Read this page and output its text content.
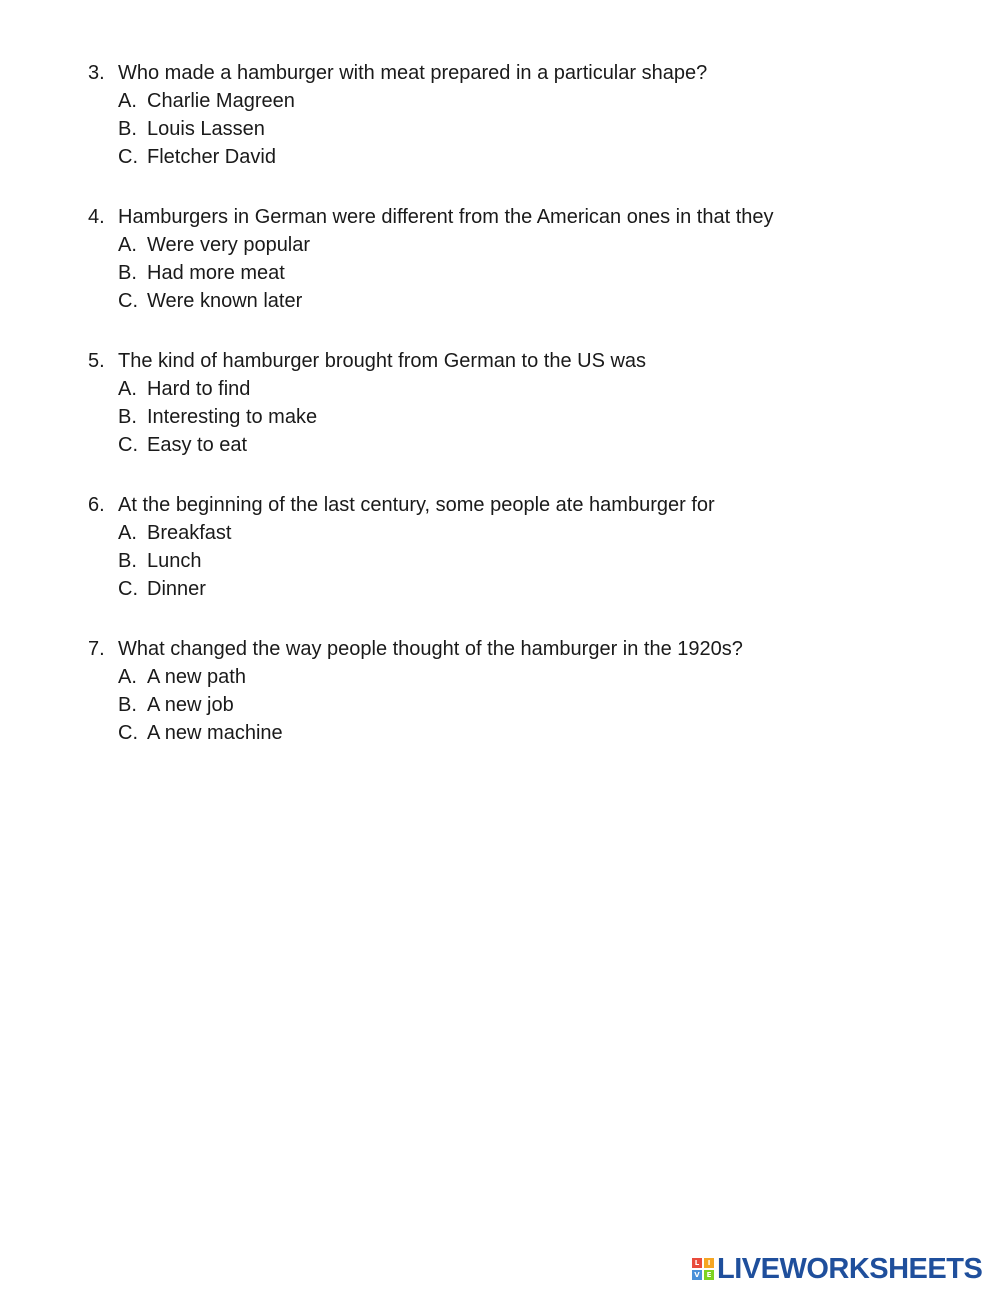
3. Who made a hamburger with meat prepared in a particular shape?
A. Charlie Magreen
B. Louis Lassen
C. Fletcher David
4. Hamburgers in German were different from the American ones in that they
A. Were very popular
B. Had more meat
C. Were known later
5. The kind of hamburger brought from German to the US was
A. Hard to find
B. Interesting to make
C. Easy to eat
6. At the beginning of the last century, some people ate hamburger for
A. Breakfast
B. Lunch
C. Dinner
7. What changed the way people thought of the hamburger in the 1920s?
A. A new path
B. A new job
C. A new machine
L	I
V E LIVEWORKSHEETS
